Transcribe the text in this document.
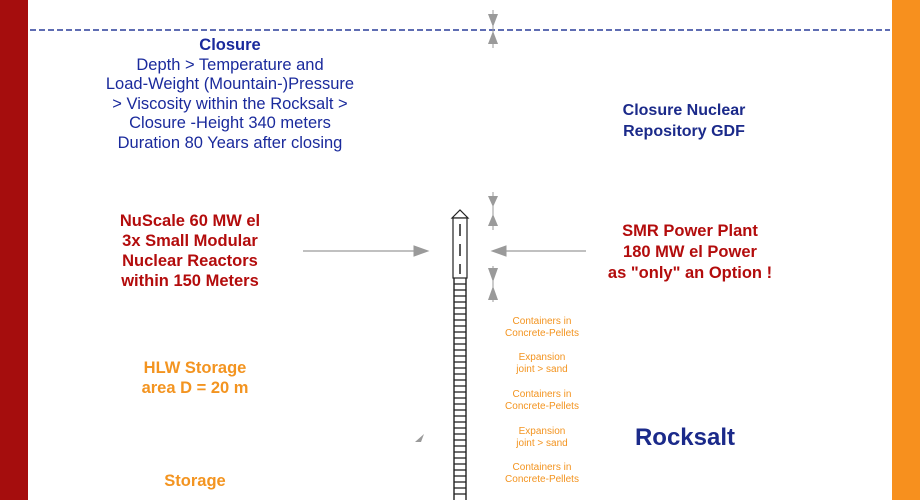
Closure
Depth > Temperature and
Load-Weight (Mountain-)Pressure
> Viscosity within the Rocksalt >
Closure -Height 340 meters
Duration 80 Years after closing
Closure Nuclear
Repository GDF
NuScale 60 MW el
3x Small Modular
Nuclear Reactors
within 150 Meters
SMR Power Plant
180 MW el Power
as "only" an Option !
HLW Storage
area D = 20 m
Storage
Rocksalt
Containers in
Concrete-Pellets
Expansion
joint > sand
Containers in
Concrete-Pellets
Expansion
joint > sand
Containers in
Concrete-Pellets
